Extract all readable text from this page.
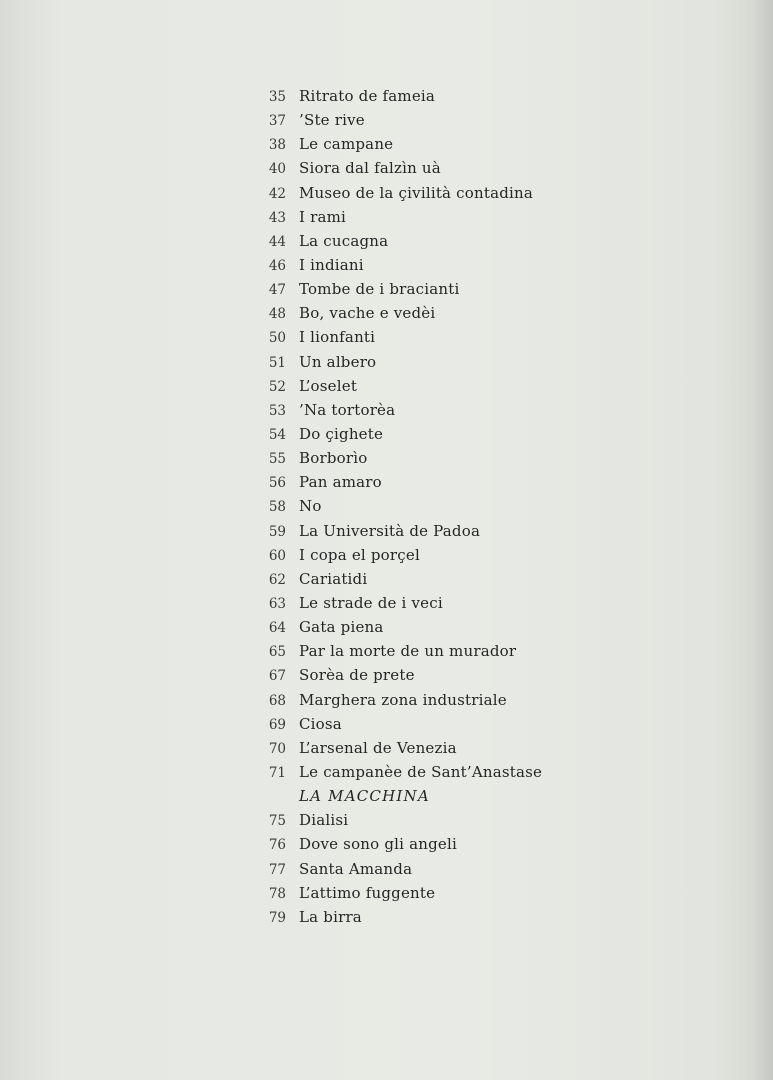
35 Ritrato de fameia
37 ’Ste rive
38 Le campane
40 Siora dal falzìn uà
42 Museo de la çivilità contadina
43 I rami
44 La cucagna
46 I indiani
47 Tombe de i bracianti
48 Bo, vache e vedèi
50 I lionfanti
51 Un albero
52 L’oselet
53 ’Na tortorèa
54 Do çighete
55 Borborìo
56 Pan amaro
58 No
59 La Università de Padoa
60 I copa el porçel
62 Cariatidi
63 Le strade de i veci
64 Gata piena
65 Par la morte de un murador
67 Sorèa de prete
68 Marghera zona industriale
69 Ciosa
70 L’arsenal de Venezia
71 Le campanèe de Sant’Anastase
LA MACCHINA
75 Dialisi
76 Dove sono gli angeli
77 Santa Amanda
78 L’attimo fuggente
79 La birra
